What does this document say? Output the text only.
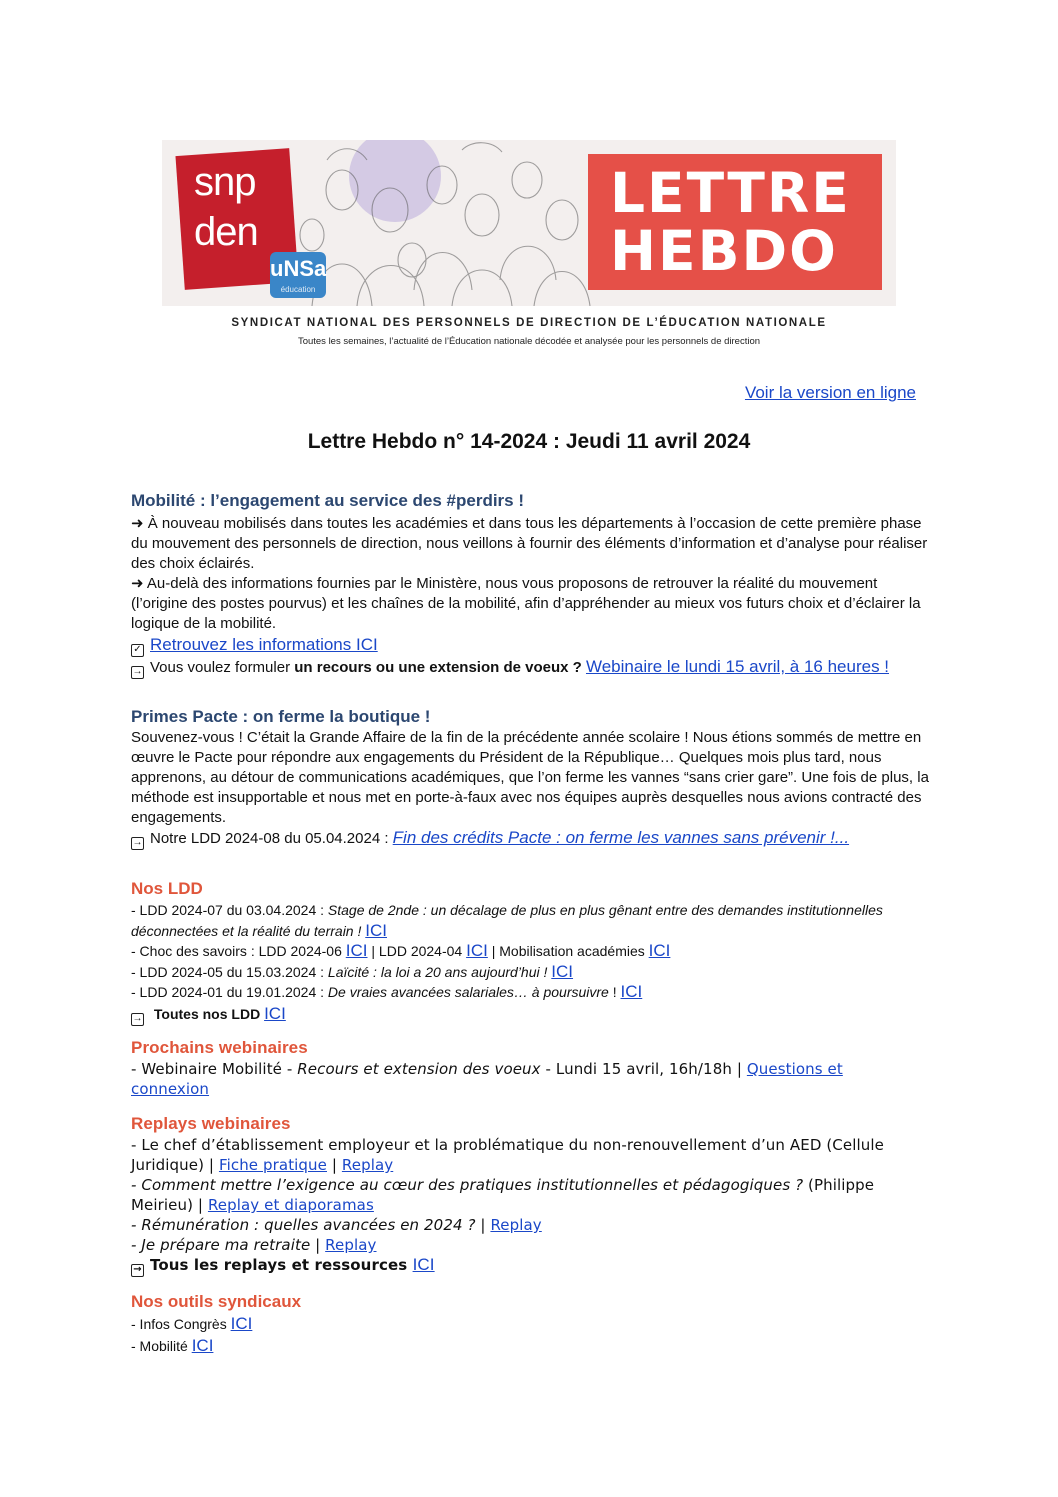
snp
den
uNSa
éducation
LETTRE
HEBDO
SYNDICAT NATIONAL DES PERSONNELS DE DIRECTION DE L’ÉDUCATION NATIONALE
Toutes les semaines, l’actualité de l’Éducation nationale décodée et analysée pour les personnels de direction
Voir la version en ligne
Lettre Hebdo n° 14-2024 : Jeudi 11 avril 2024
Mobilité : l’engagement au service des #perdirs !

➜ À nouveau mobilisés dans toutes les académies et dans tous les départements à l’occasion de cette première phase du mouvement des personnels de direction, nous veillons à fournir des éléments d’information et d’analyse pour réaliser des choix éclairés.

➜ Au-delà des informations fournies par le Ministère, nous vous proposons de retrouver la réalité du mouvement (l’origine des postes pourvus) et les chaînes de la mobilité, afin d’appréhender au mieux vos futurs choix et d’éclairer la logique de la mobilité.

✓ Retrouvez les informations ICI

→ Vous voulez formuler un recours ou une extension de voeux ? Webinaire le lundi 15 avril, à 16 heures !

Primes Pacte : on ferme la boutique !

Souvenez-vous ! C’était la Grande Affaire de la fin de la précédente année scolaire ! Nous étions sommés de mettre en œuvre le Pacte pour répondre aux engagements du Président de la République… Quelques mois plus tard, nous apprenons, au détour de communications académiques, que l’on ferme les vannes “sans crier gare”. Une fois de plus, la méthode est insupportable et nous met en porte-à-faux avec nos équipes auprès desquelles nous avions contracté des engagements.

→ Notre LDD 2024-08 du 05.04.2024 : Fin des crédits Pacte : on ferme les vannes sans prévenir !...

Nos LDD

- LDD 2024-07 du 03.04.2024 : Stage de 2nde : un décalage de plus en plus gênant entre des demandes institutionnelles déconnectées et la réalité du terrain ! ICI

- Choc des savoirs : LDD 2024-06 ICI | LDD 2024-04 ICI | Mobilisation académies ICI

- LDD 2024-05 du 15.03.2024 : Laïcité : la loi a 20 ans aujourd’hui ! ICI

- LDD 2024-01 du 19.01.2024 : De vraies avancées salariales… à poursuivre ! ICI

→ Toutes nos LDD ICI

Prochains webinaires

- Webinaire Mobilité - Recours et extension des voeux - Lundi 15 avril, 16h/18h | Questions et connexion

Replays webinaires

- Le chef d’établissement employeur et la problématique du non-renouvellement d’un AED (Cellule Juridique) | Fiche pratique | Replay

- Comment mettre l’exigence au cœur des pratiques institutionnelles et pédagogiques ? (Philippe Meirieu) | Replay et diaporamas

- Rémunération : quelles avancées en 2024 ? | Replay

- Je prépare ma retraite | Replay

→ Tous les replays et ressources ICI

Nos outils syndicaux

- Infos Congrès ICI

- Mobilité ICI
